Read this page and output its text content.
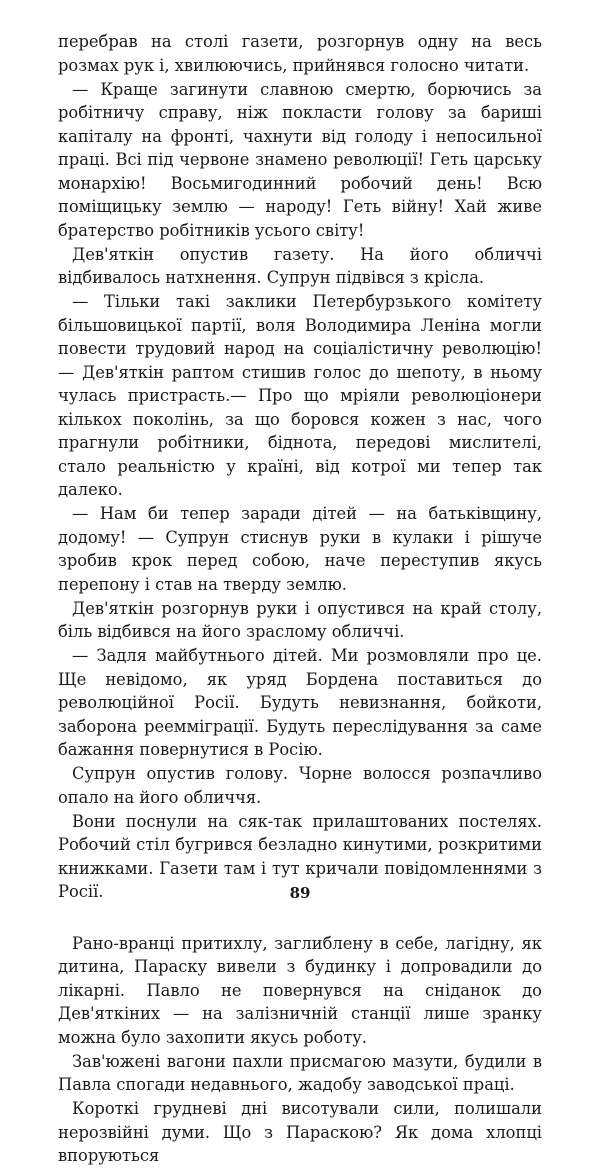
перебрав на столі газети, розгорнув одну на весь розмах рук і, хвилюючись, прийнявся голосно читати.

— Краще загинути славною смертю, борючись за робітничу справу, ніж покласти голову за бариші капіталу на фронті, чахнути від голоду і непосильної праці. Всі під червоне знамено революції! Геть царську монархію! Восьмигодинний робочий день! Всю поміщицьку землю — народу! Геть війну! Хай живе братерство робітників усього світу!

Дев'яткін опустив газету. На його обличчі відбивалось натхнення. Супрун підвівся з крісла.

— Тільки такі заклики Петербурзького комітету більшовицької партії, воля Володимира Леніна могли повести трудовий народ на соціалістичну революцію! — Дев'яткін раптом стишив голос до шепоту, в ньому чулась пристрасть.— Про що мріяли революціонери кількох поколінь, за що боровся кожен з нас, чого прагнули робітники, біднота, передові мислителі, стало реальністю у країні, від котрої ми тепер так далеко.

— Нам би тепер заради дітей — на батьківщину, додому! — Супрун стиснув руки в кулаки і рішуче зробив крок перед собою, наче переступив якусь перепону і став на тверду землю.

Дев'яткін розгорнув руки і опустився на край столу, біль відбився на його зраслому обличчі.

— Задля майбутнього дітей. Ми розмовляли про це. Ще невідомо, як уряд Бордена поставиться до революційної Росії. Будуть невизнання, бойкоти, заборона реемміграції. Будуть переслідування за саме бажання повернутися в Росію.

Супрун опустив голову. Чорне волосся розпачливо опало на його обличчя.

Вони поснули на сяк-так прилаштованих постелях. Робочий стіл бугрився безладно кинутими, розкритими книжками. Газети там і тут кричали повідомленнями з Росії.

Рано-вранці притихлу, заглиблену в себе, лагідну, як дитина, Параску вивели з будинку і допровадили до лікарні. Павло не повернувся на сніданок до Дев'яткіних — на залізничній станції лише зранку можна було захопити якусь роботу.

Зав'южені вагони пахли присмагою мазути, будили в Павла спогади недавнього, жадобу заводської праці.

Короткі грудневі дні висотували сили, полишали нерозвійні думи. Що з Параскою? Як дома хлопці впоруються

89
